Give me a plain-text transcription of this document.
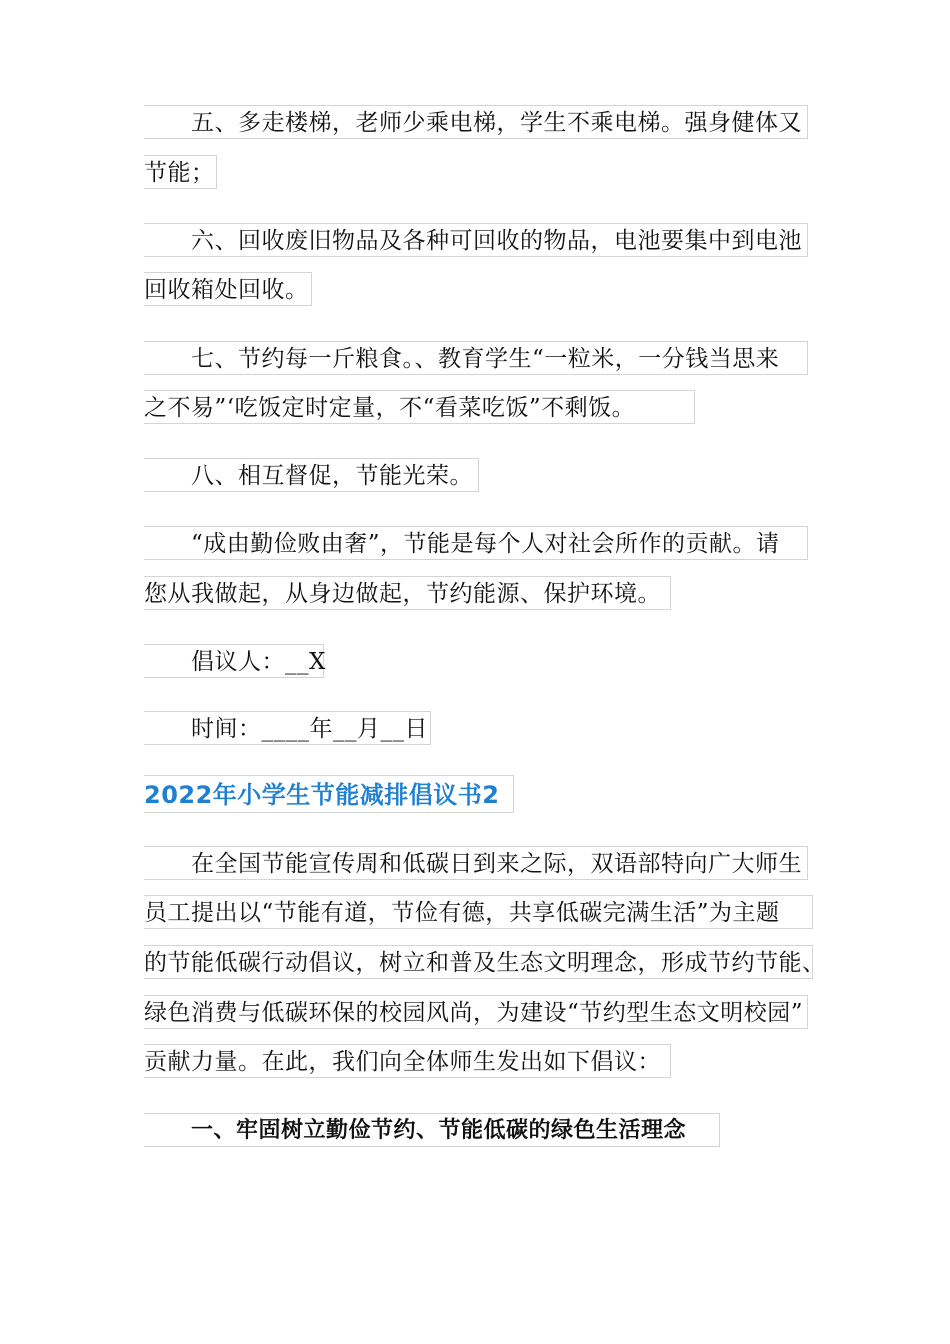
五、多走楼梯，老师少乘电梯，学生不乘电梯。强身健体又
节能；
六、回收废旧物品及各种可回收的物品，电池要集中到电池
回收箱处回收。
七、节约每一斤粮食。、教育学生“一粒米，一分钱当思来
之不易”‘吃饭定时定量，不“看菜吃饭”不剩饭。
八、相互督促，节能光荣。
“成由勤俭败由奢”，节能是每个人对社会所作的贡献。请
您从我做起，从身边做起，节约能源、保护环境。
倡议人：__X
时间：____年__月__日
2022年小学生节能减排倡议书2
在全国节能宣传周和低碳日到来之际，双语部特向广大师生
员工提出以“节能有道，节俭有德，共享低碳完满生活”为主题
的节能低碳行动倡议，树立和普及生态文明理念，形成节约节能、
绿色消费与低碳环保的校园风尚，为建设“节约型生态文明校园”
贡献力量。在此，我们向全体师生发出如下倡议：
一、牢固树立勤俭节约、节能低碳的绿色生活理念
